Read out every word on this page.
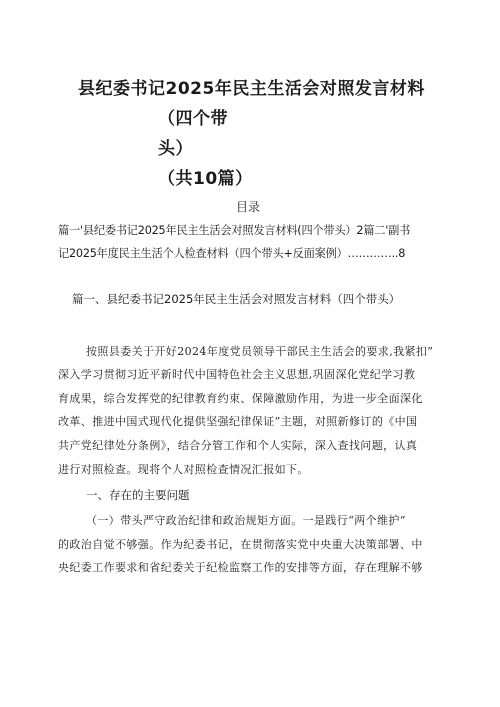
县纪委书记2025年民主生活会对照发言材料
（四个带
头）
（共10篇）
目录
篇一'县纪委书记2025年民主生活会对照发言材料(四个带头）2篇二'副书
记2025年度民主生活个人检查材料（四个带头+反面案例）…………..8
篇一、县纪委书记2025年民主生活会对照发言材料（四个带头）
按照县委关于开好2024年度党员领导干部民主生活会的要求,我紧扣”
深入学习贯彻习近平新时代中国特色社会主义思想,巩固深化党纪学习教
育成果，综合发挥党的纪律教育约束、保障激励作用，为进一步全面深化
改革、推进中国式现代化提供坚强纪律保证”主题，对照新修订的《中国
共产党纪律处分条例》，结合分管工作和个人实际，深入查找问题，认真
进行对照检查。现将个人对照检查情况汇报如下。
一、存在的主要问题
（一）带头严守政治纪律和政治规矩方面。一是践行“两个维护”
的政治自觉不够强。作为纪委书记，在贯彻落实党中央重大决策部署、中
央纪委工作要求和省纪委关于纪检监察工作的安排等方面，存在理解不够
